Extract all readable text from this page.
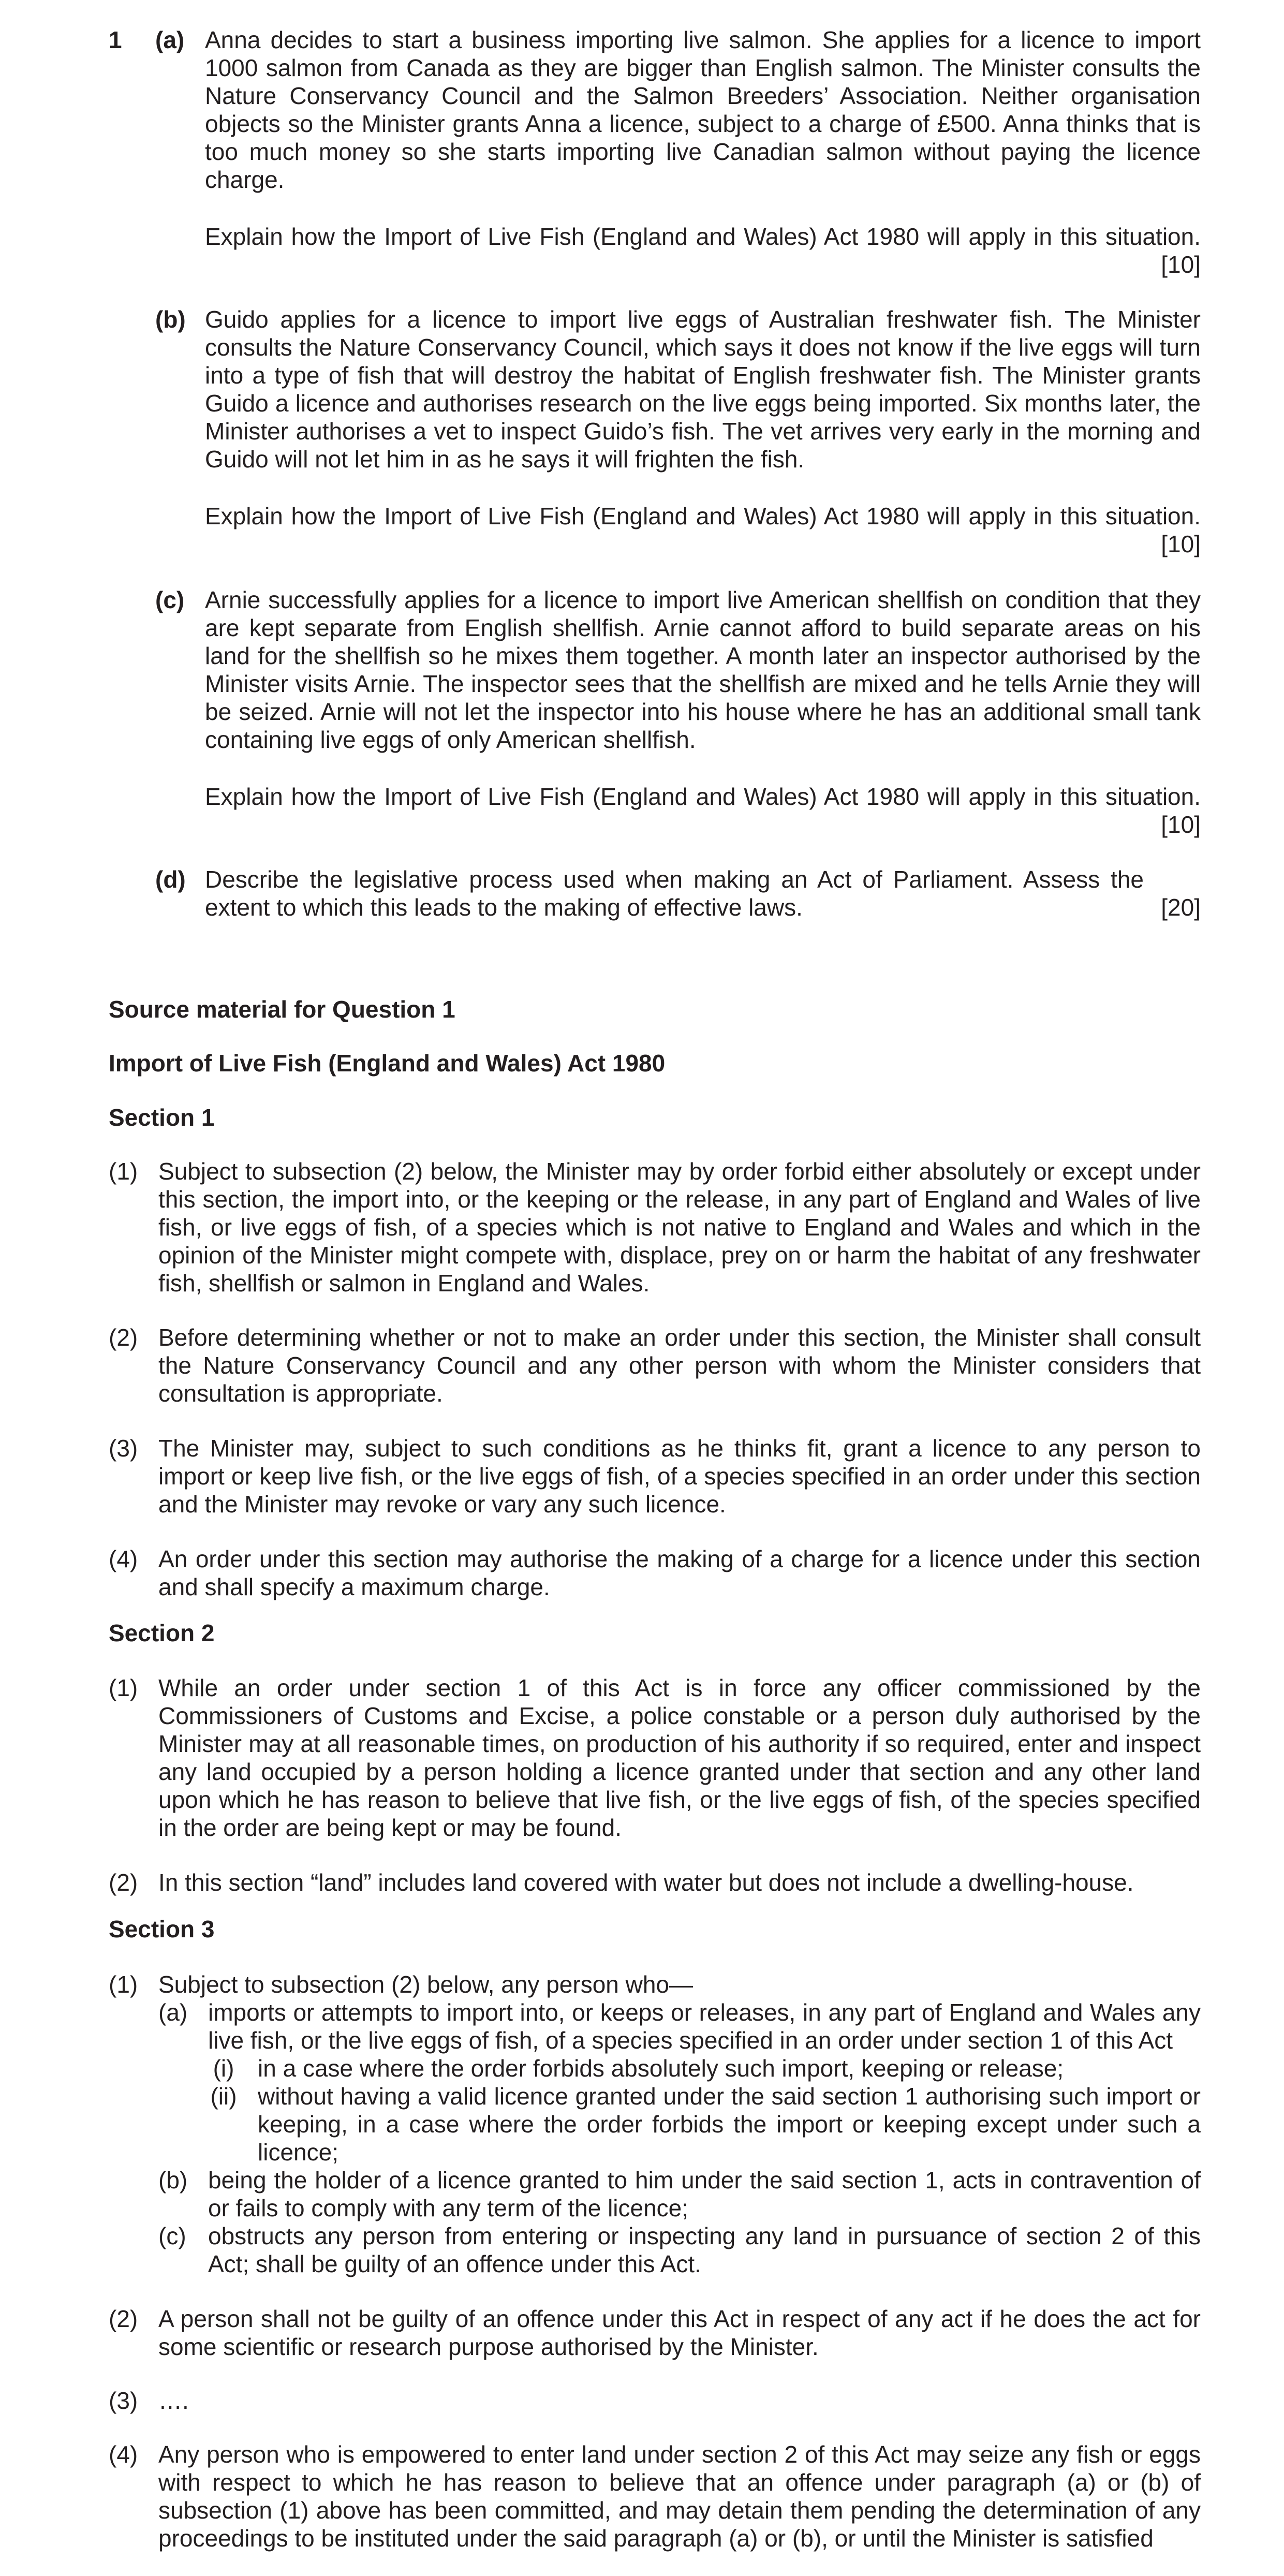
1 (a) Anna decides to start a business importing live salmon. She applies for a licence to import 1000 salmon from Canada as they are bigger than English salmon. The Minister consults the Nature Conservancy Council and the Salmon Breeders’ Association. Neither organisation objects so the Minister grants Anna a licence, subject to a charge of £500. Anna thinks that is too much money so she starts importing live Canadian salmon without paying the licence charge.
Explain how the Import of Live Fish (England and Wales) Act 1980 will apply in this situation.
[10]
(b) Guido applies for a licence to import live eggs of Australian freshwater fish. The Minister consults the Nature Conservancy Council, which says it does not know if the live eggs will turn into a type of fish that will destroy the habitat of English freshwater fish. The Minister grants Guido a licence and authorises research on the live eggs being imported. Six months later, the Minister authorises a vet to inspect Guido’s fish. The vet arrives very early in the morning and Guido will not let him in as he says it will frighten the fish.
Explain how the Import of Live Fish (England and Wales) Act 1980 will apply in this situation.
[10]
(c) Arnie successfully applies for a licence to import live American shellfish on condition that they are kept separate from English shellfish. Arnie cannot afford to build separate areas on his land for the shellfish so he mixes them together. A month later an inspector authorised by the Minister visits Arnie. The inspector sees that the shellfish are mixed and he tells Arnie they will be seized. Arnie will not let the inspector into his house where he has an additional small tank containing live eggs of only American shellfish.
Explain how the Import of Live Fish (England and Wales) Act 1980 will apply in this situation.
[10]
(d) Describe the legislative process used when making an Act of Parliament. Assess the extent to which this leads to the making of effective laws.	[20]
Source material for Question 1
Import of Live Fish (England and Wales) Act 1980
Section 1
(1) Subject to subsection (2) below, the Minister may by order forbid either absolutely or except under this section, the import into, or the keeping or the release, in any part of England and Wales of live fish, or live eggs of fish, of a species which is not native to England and Wales and which in the opinion of the Minister might compete with, displace, prey on or harm the habitat of any freshwater fish, shellfish or salmon in England and Wales.
(2) Before determining whether or not to make an order under this section, the Minister shall consult the Nature Conservancy Council and any other person with whom the Minister considers that consultation is appropriate.
(3) The Minister may, subject to such conditions as he thinks fit, grant a licence to any person to import or keep live fish, or the live eggs of fish, of a species specified in an order under this section and the Minister may revoke or vary any such licence.
(4) An order under this section may authorise the making of a charge for a licence under this section and shall specify a maximum charge.
Section 2
(1) While an order under section 1 of this Act is in force any officer commissioned by the Commissioners of Customs and Excise, a police constable or a person duly authorised by the Minister may at all reasonable times, on production of his authority if so required, enter and inspect any land occupied by a person holding a licence granted under that section and any other land upon which he has reason to believe that live fish, or the live eggs of fish, of the species specified in the order are being kept or may be found.
(2) In this section “land” includes land covered with water but does not include a dwelling-house.
Section 3
(1) Subject to subsection (2) below, any person who—
(a) imports or attempts to import into, or keeps or releases, in any part of England and Wales any live fish, or the live eggs of fish, of a species specified in an order under section 1 of this Act
(i) in a case where the order forbids absolutely such import, keeping or release;
(ii) without having a valid licence granted under the said section 1 authorising such import or keeping, in a case where the order forbids the import or keeping except under such a licence;
(b) being the holder of a licence granted to him under the said section 1, acts in contravention of or fails to comply with any term of the licence;
(c) obstructs any person from entering or inspecting any land in pursuance of section 2 of this Act; shall be guilty of an offence under this Act.
(2) A person shall not be guilty of an offence under this Act in respect of any act if he does the act for some scientific or research purpose authorised by the Minister.
(3) ….
(4) Any person who is empowered to enter land under section 2 of this Act may seize any fish or eggs with respect to which he has reason to believe that an offence under paragraph (a) or (b) of subsection (1) above has been committed, and may detain them pending the determination of any proceedings to be instituted under the said paragraph (a) or (b), or until the Minister is satisfied
